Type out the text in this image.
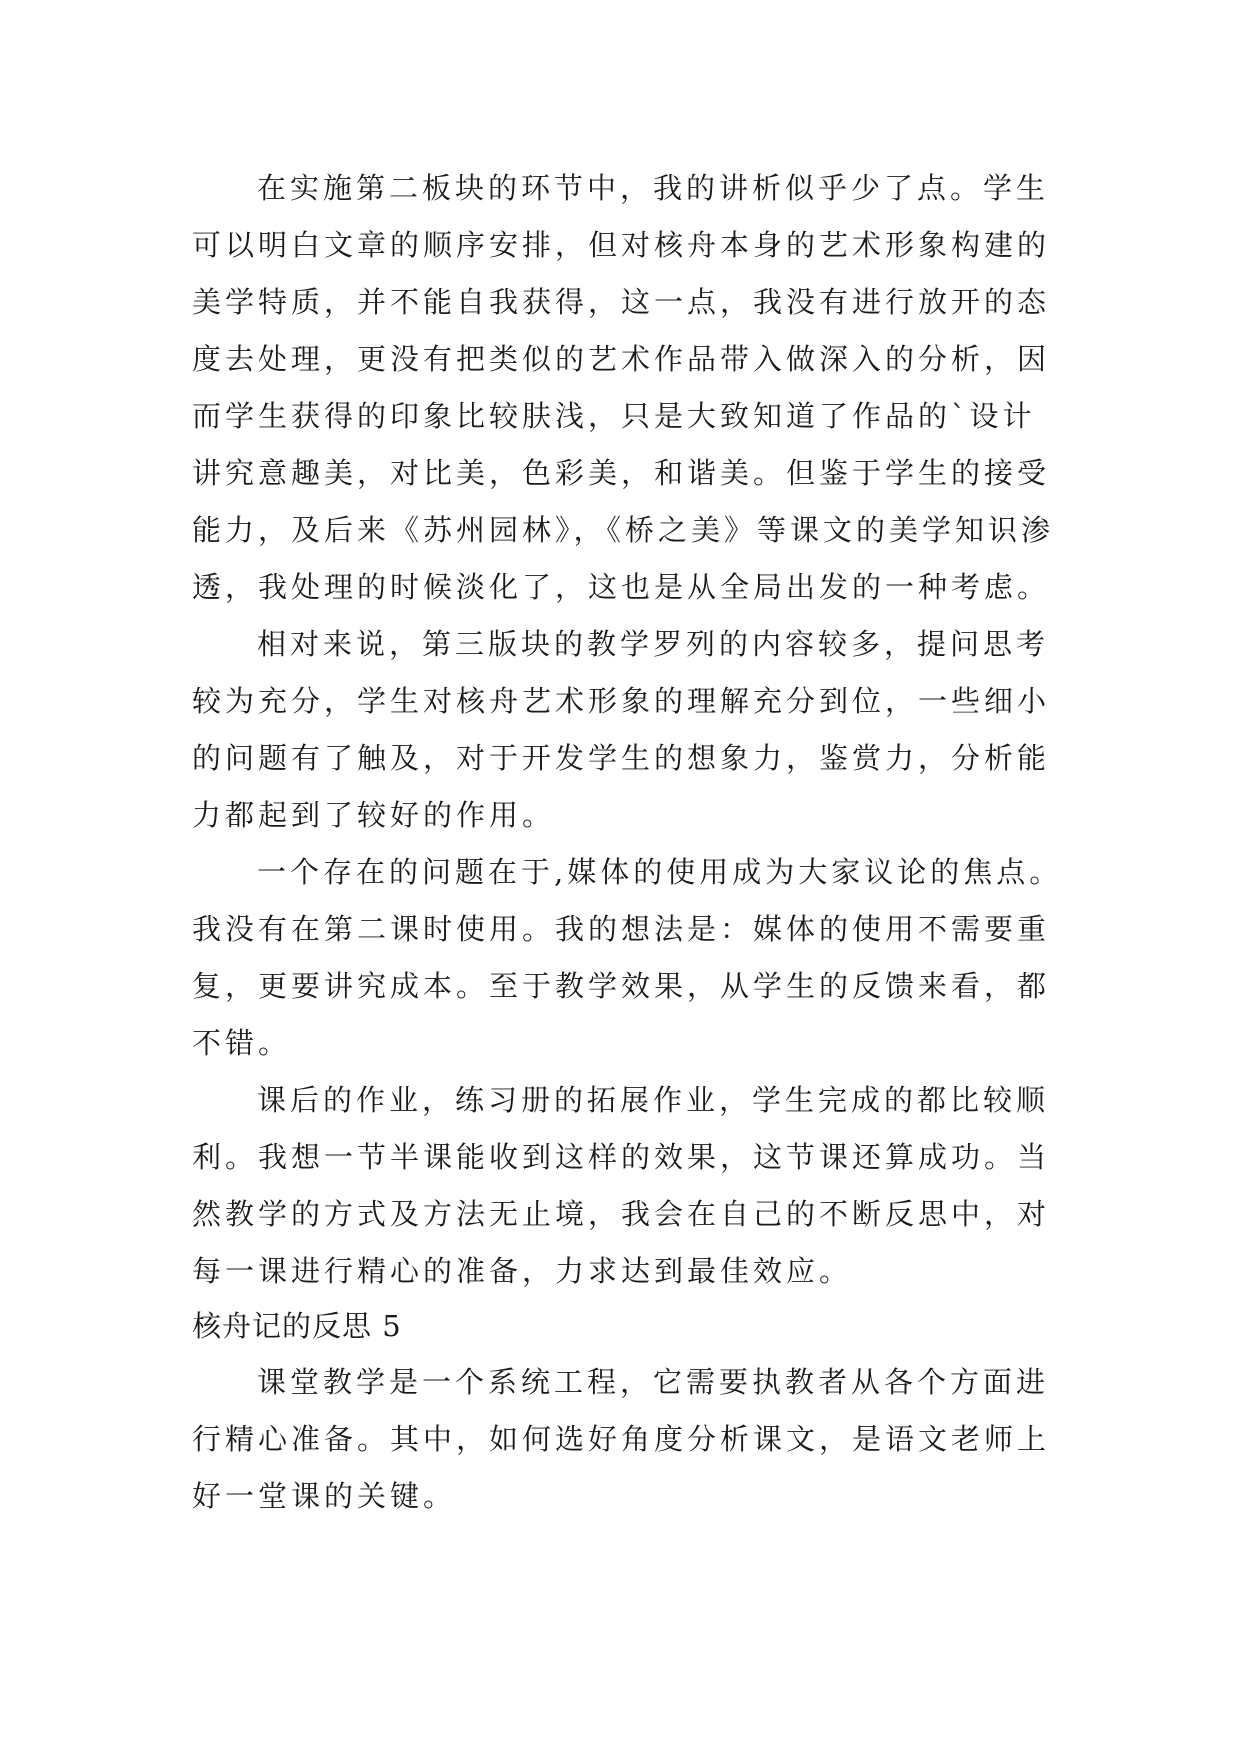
在实施第二板块的环节中，我的讲析似乎少了点。学生
可以明白文章的顺序安排，但对核舟本身的艺术形象构建的
美学特质，并不能自我获得，这一点，我没有进行放开的态
度去处理，更没有把类似的艺术作品带入做深入的分析，因
而学生获得的印象比较肤浅，只是大致知道了作品的`设计
讲究意趣美，对比美，色彩美，和谐美。但鉴于学生的接受
能力，及后来《苏州园林》，《桥之美》等课文的美学知识渗
透，我处理的时候淡化了，这也是从全局出发的一种考虑。
相对来说，第三版块的教学罗列的内容较多，提问思考
较为充分，学生对核舟艺术形象的理解充分到位，一些细小
的问题有了触及，对于开发学生的想象力，鉴赏力，分析能
力都起到了较好的作用。
一个存在的问题在于,媒体的使用成为大家议论的焦点。
我没有在第二课时使用。我的想法是：媒体的使用不需要重
复，更要讲究成本。至于教学效果，从学生的反馈来看，都
不错。
课后的作业，练习册的拓展作业，学生完成的都比较顺
利。我想一节半课能收到这样的效果，这节课还算成功。当
然教学的方式及方法无止境，我会在自己的不断反思中，对
每一课进行精心的准备，力求达到最佳效应。
核舟记的反思 5
课堂教学是一个系统工程，它需要执教者从各个方面进
行精心准备。其中，如何选好角度分析课文，是语文老师上
好一堂课的关键。
